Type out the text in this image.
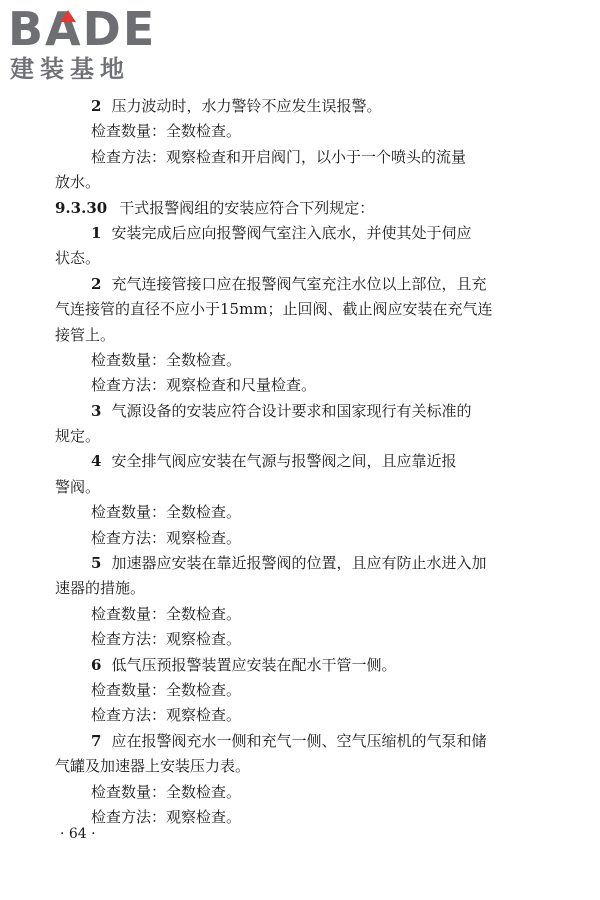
BADE
建装基地
2 压力波动时，水力警铃不应发生误报警。
检查数量：全数检查。
检查方法：观察检查和开启阀门，以小于一个喷头的流量
放水。
9.3.30 干式报警阀组的安装应符合下列规定：
1 安装完成后应向报警阀气室注入底水，并使其处于伺应
状态。
2 充气连接管接口应在报警阀气室充注水位以上部位，且充
气连接管的直径不应小于15mm；止回阀、截止阀应安装在充气连
接管上。
检查数量：全数检查。
检查方法：观察检查和尺量检查。
3 气源设备的安装应符合设计要求和国家现行有关标准的
规定。
4 安全排气阀应安装在气源与报警阀之间，且应靠近报
警阀。
检查数量：全数检查。
检查方法：观察检查。
5 加速器应安装在靠近报警阀的位置，且应有防止水进入加
速器的措施。
检查数量：全数检查。
检查方法：观察检查。
6 低气压预报警装置应安装在配水干管一侧。
检查数量：全数检查。
检查方法：观察检查。
7 应在报警阀充水一侧和充气一侧、空气压缩机的气泵和储
气罐及加速器上安装压力表。
检查数量：全数检查。
检查方法：观察检查。
· 64 ·
